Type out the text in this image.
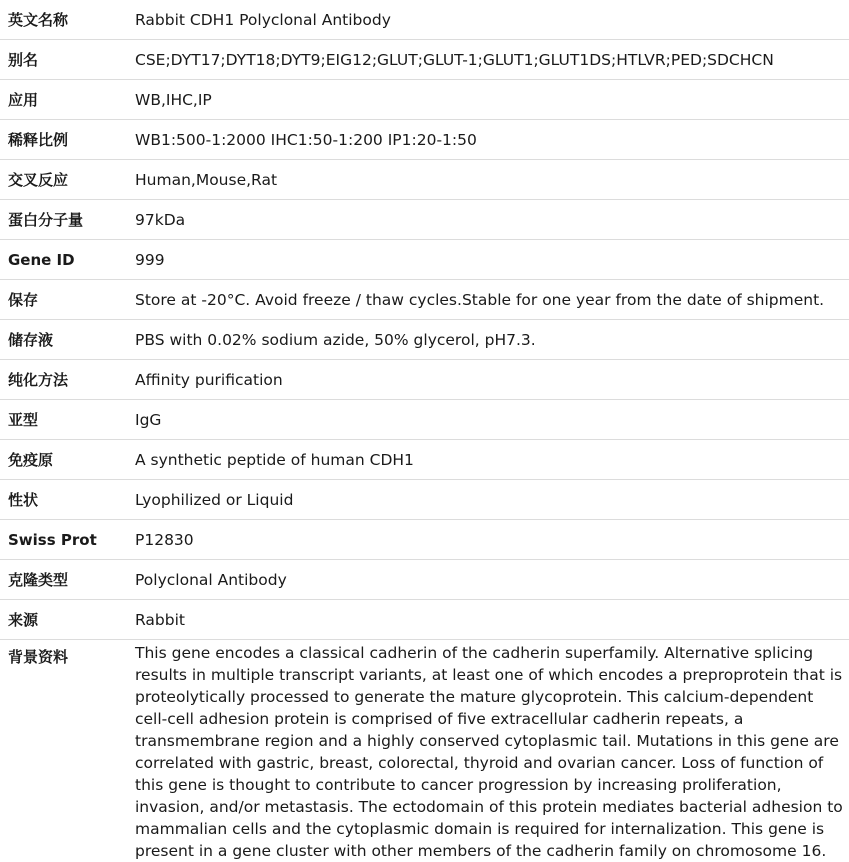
英文名称	Rabbit CDH1 Polyclonal Antibody
别名	CSE;DYT17;DYT18;DYT9;EIG12;GLUT;GLUT-1;GLUT1;GLUT1DS;HTLVR;PED;SDCHCN
应用	WB,IHC,IP
稀释比例	WB1:500-1:2000 IHC1:50-1:200 IP1:20-1:50
交叉反应	Human,Mouse,Rat
蛋白分子量	97kDa
Gene ID	999
保存	Store at -20°C. Avoid freeze / thaw cycles.Stable for one year from the date of shipment.
储存液	PBS with 0.02% sodium azide, 50% glycerol, pH7.3.
纯化方法	Affinity purification
亚型	IgG
免疫原	A synthetic peptide of human CDH1
性状	Lyophilized or Liquid
Swiss Prot	P12830
克隆类型	Polyclonal Antibody
来源	Rabbit
背景资料	This gene encodes a classical cadherin of the cadherin superfamily. Alternative splicing results in multiple transcript variants, at least one of which encodes a preproprotein that is proteolytically processed to generate the mature glycoprotein. This calcium-dependent cell-cell adhesion protein is comprised of five extracellular cadherin repeats, a transmembrane region and a highly conserved cytoplasmic tail. Mutations in this gene are correlated with gastric, breast, colorectal, thyroid and ovarian cancer. Loss of function of this gene is thought to contribute to cancer progression by increasing proliferation, invasion, and/or metastasis. The ectodomain of this protein mediates bacterial adhesion to mammalian cells and the cytoplasmic domain is required for internalization. This gene is present in a gene cluster with other members of the cadherin family on chromosome 16.
